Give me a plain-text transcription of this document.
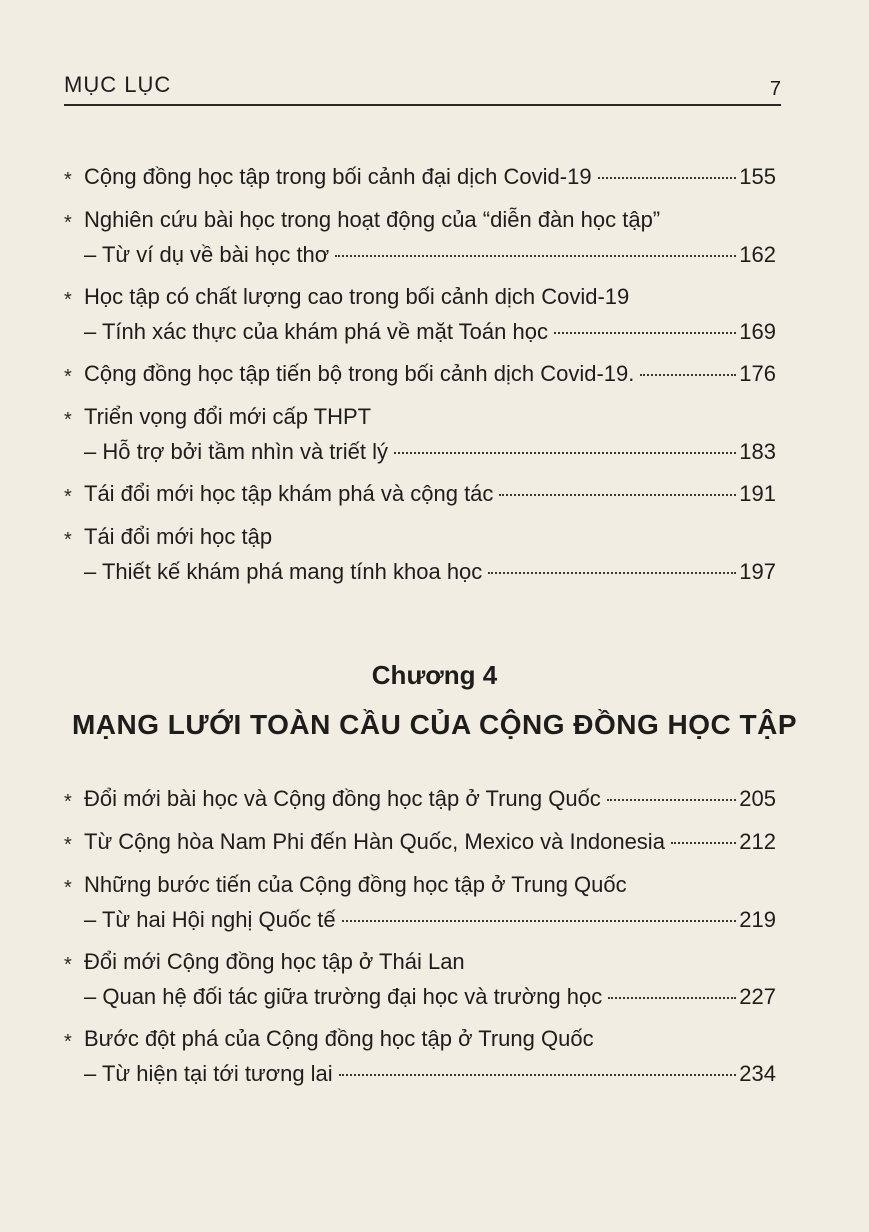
MỤC LỤC	7
* Cộng đồng học tập trong bối cảnh đại dịch Covid-19	155
* Nghiên cứu bài học trong hoạt động của “diễn đàn học tập”
– Từ ví dụ về bài học thơ	162
* Học tập có chất lượng cao trong bối cảnh dịch Covid-19
– Tính xác thực của khám phá về mặt Toán học	169
* Cộng đồng học tập tiến bộ trong bối cảnh dịch Covid-19.	176
* Triển vọng đổi mới cấp THPT
– Hỗ trợ bởi tầm nhìn và triết lý	183
* Tái đổi mới học tập khám phá và cộng tác	191
* Tái đổi mới học tập
– Thiết kế khám phá mang tính khoa học	197
Chương 4
MẠNG LƯỚI TOÀN CẦU CỦA CỘNG ĐỒNG HỌC TẬP
* Đổi mới bài học và Cộng đồng học tập ở Trung Quốc	205
* Từ Cộng hòa Nam Phi đến Hàn Quốc, Mexico và Indonesia	212
* Những bước tiến của Cộng đồng học tập ở Trung Quốc
– Từ hai Hội nghị Quốc tế	219
* Đổi mới Cộng đồng học tập ở Thái Lan
– Quan hệ đối tác giữa trường đại học và trường học	227
* Bước đột phá của Cộng đồng học tập ở Trung Quốc
– Từ hiện tại tới tương lai	234
